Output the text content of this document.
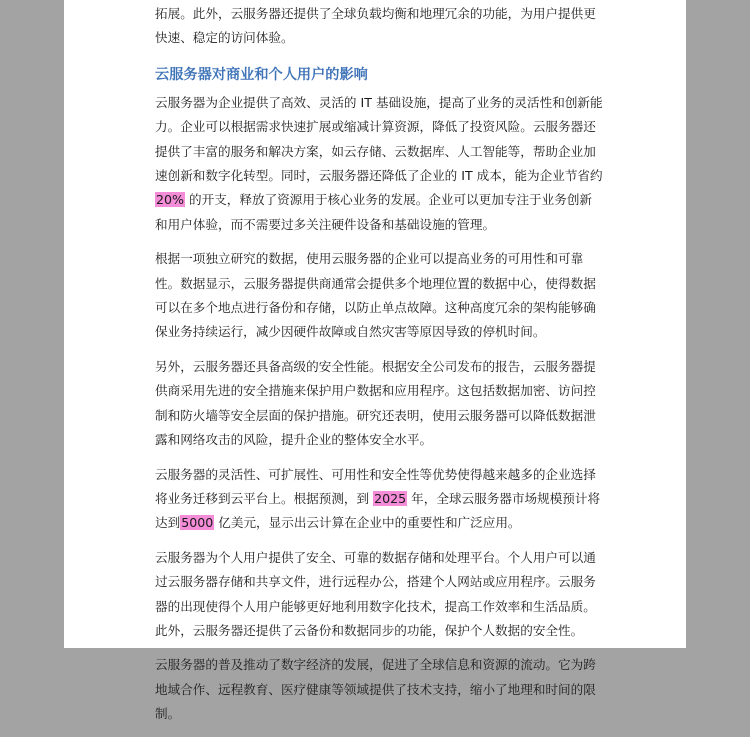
拓展。此外，云服务器还提供了全球负载均衡和地理冗余的功能，为用户提供更快速、稳定的访问体验。

云服务器对商业和个人用户的影响

云服务器为企业提供了高效、灵活的 IT 基础设施，提高了业务的灵活性和创新能力。企业可以根据需求快速扩展或缩减计算资源，降低了投资风险。云服务器还提供了丰富的服务和解决方案，如云存储、云数据库、人工智能等，帮助企业加速创新和数字化转型。同时，云服务器还降低了企业的 IT 成本，能为企业节省约 20% 的开支，释放了资源用于核心业务的发展。企业可以更加专注于业务创新和用户体验，而不需要过多关注硬件设备和基础设施的管理。

根据一项独立研究的数据，使用云服务器的企业可以提高业务的可用性和可靠性。数据显示，云服务器提供商通常会提供多个地理位置的数据中心，使得数据可以在多个地点进行备份和存储，以防止单点故障。这种高度冗余的架构能够确保业务持续运行，减少因硬件故障或自然灾害等原因导致的停机时间。

另外，云服务器还具备高级的安全性能。根据安全公司发布的报告，云服务器提供商采用先进的安全措施来保护用户数据和应用程序。这包括数据加密、访问控制和防火墙等安全层面的保护措施。研究还表明，使用云服务器可以降低数据泄露和网络攻击的风险，提升企业的整体安全水平。

云服务器的灵活性、可扩展性、可用性和安全性等优势使得越来越多的企业选择将业务迁移到云平台上。根据预测，到 2025 年，全球云服务器市场规模预计将达到5000 亿美元，显示出云计算在企业中的重要性和广泛应用。

云服务器为个人用户提供了安全、可靠的数据存储和处理平台。个人用户可以通过云服务器存储和共享文件，进行远程办公，搭建个人网站或应用程序。云服务器的出现使得个人用户能够更好地利用数字化技术，提高工作效率和生活品质。此外，云服务器还提供了云备份和数据同步的功能，保护个人数据的安全性。

云服务器的普及推动了数字经济的发展，促进了全球信息和资源的流动。它为跨地域合作、远程教育、医疗健康等领域提供了技术支持，缩小了地理和时间的限制。
